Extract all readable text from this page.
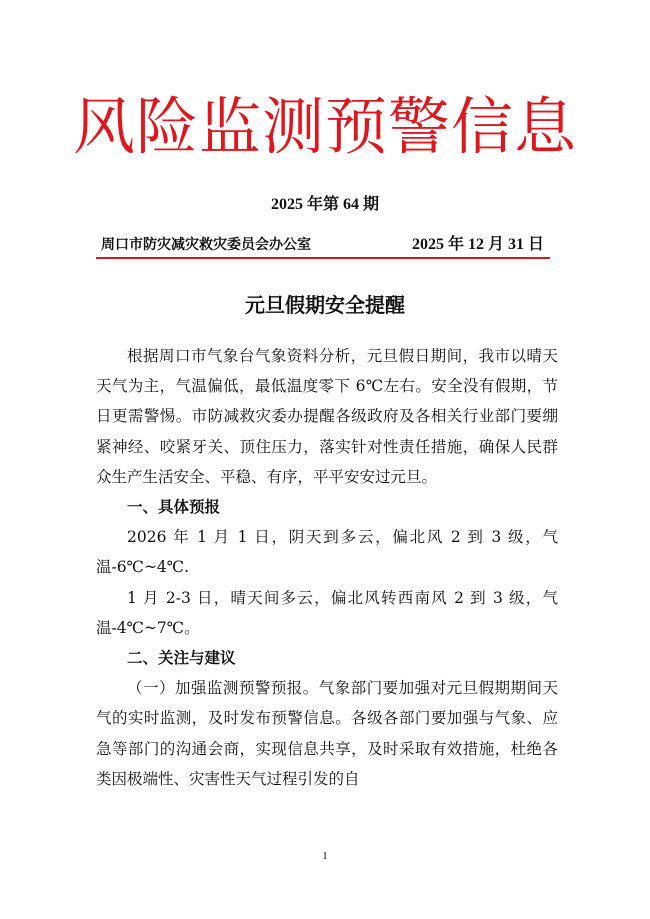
风险监测预警信息
2025 年第 64 期
周口市防灾减灾救灾委员会办公室	2025 年 12 月 31 日
元旦假期安全提醒

根据周口市气象台气象资料分析，元旦假日期间，我市以晴天天气为主，气温偏低，最低温度零下 6℃左右。安全没有假期，节日更需警惕。市防减救灾委办提醒各级政府及各相关行业部门要绷紧神经、咬紧牙关、顶住压力，落实针对性责任措施，确保人民群众生产生活安全、平稳、有序，平平安安过元旦。

一、具体预报

2026 年 1 月 1 日，阴天到多云，偏北风 2 到 3 级，气温-6℃~4℃.

1 月 2-3 日，晴天间多云，偏北风转西南风 2 到 3 级，气温-4℃~7℃。

二、关注与建议

（一）加强监测预警预报。气象部门要加强对元旦假期期间天气的实时监测，及时发布预警信息。各级各部门要加强与气象、应急等部门的沟通会商，实现信息共享，及时采取有效措施，杜绝各类因极端性、灾害性天气过程引发的自

1
